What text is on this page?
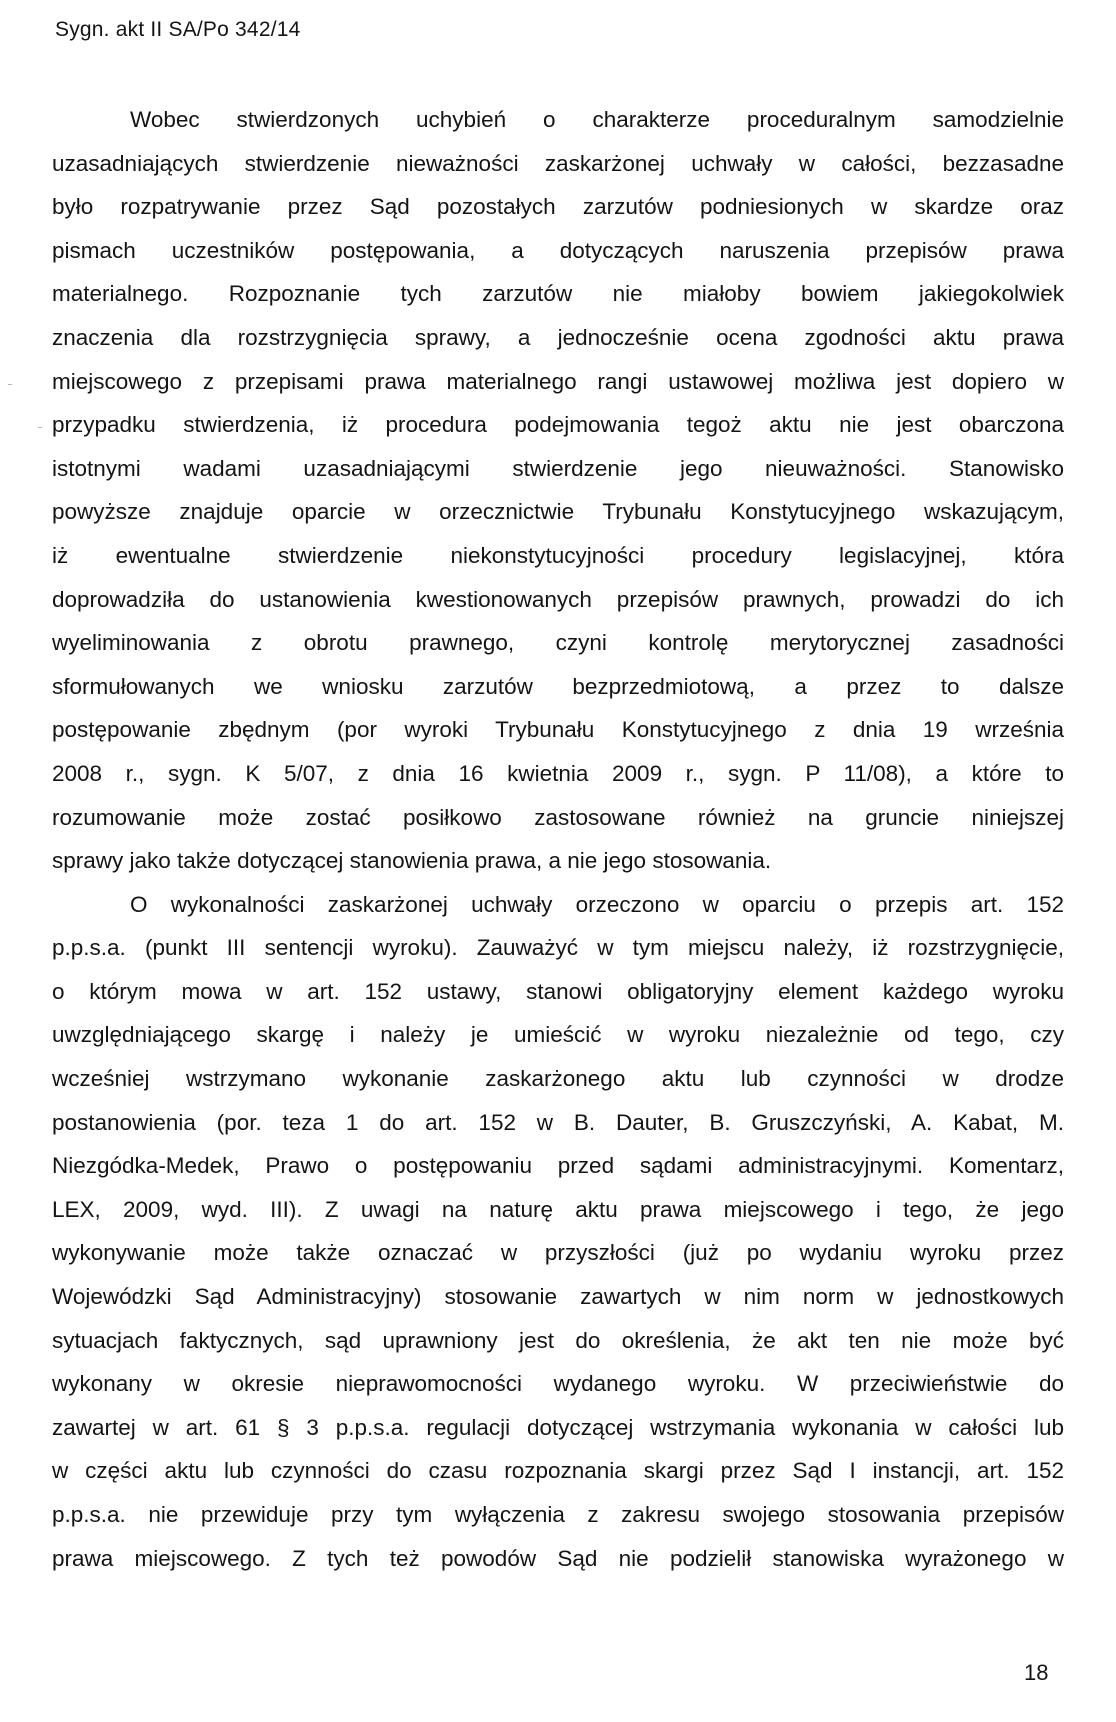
Sygn. akt II SA/Po 342/14

Wobec stwierdzonych uchybień o charakterze proceduralnym samodzielnie
uzasadniających stwierdzenie nieważności zaskarżonej uchwały w całości, bezzasadne
było rozpatrywanie przez Sąd pozostałych zarzutów podniesionych w skardze oraz
pismach uczestników postępowania, a dotyczących naruszenia przepisów prawa
materialnego. Rozpoznanie tych zarzutów nie miałoby bowiem jakiegokolwiek
znaczenia dla rozstrzygnięcia sprawy, a jednocześnie ocena zgodności aktu prawa
miejscowego z przepisami prawa materialnego rangi ustawowej możliwa jest dopiero w
przypadku stwierdzenia, iż procedura podejmowania tegoż aktu nie jest obarczona
istotnymi wadami uzasadniającymi stwierdzenie jego nieuważności. Stanowisko
powyższe znajduje oparcie w orzecznictwie Trybunału Konstytucyjnego wskazującym,
iż ewentualne stwierdzenie niekonstytucyjności procedury legislacyjnej, która
doprowadziła do ustanowienia kwestionowanych przepisów prawnych, prowadzi do ich
wyeliminowania z obrotu prawnego, czyni kontrolę merytorycznej zasadności
sformułowanych we wniosku zarzutów bezprzedmiotową, a przez to dalsze
postępowanie zbędnym (por wyroki Trybunału Konstytucyjnego z dnia 19 września
2008 r., sygn. K 5/07, z dnia 16 kwietnia 2009 r., sygn. P 11/08), a które to
rozumowanie może zostać posiłkowo zastosowane również na gruncie niniejszej
sprawy jako także dotyczącej stanowienia prawa, a nie jego stosowania.
O wykonalności zaskarżonej uchwały orzeczono w oparciu o przepis art. 152
p.p.s.a. (punkt III sentencji wyroku). Zauważyć w tym miejscu należy, iż rozstrzygnięcie,
o którym mowa w art. 152 ustawy, stanowi obligatoryjny element każdego wyroku
uwzględniającego skargę i należy je umieścić w wyroku niezależnie od tego, czy
wcześniej wstrzymano wykonanie zaskarżonego aktu lub czynności w drodze
postanowienia (por. teza 1 do art. 152 w B. Dauter, B. Gruszczyński, A. Kabat, M.
Niezgódka-Medek, Prawo o postępowaniu przed sądami administracyjnymi. Komentarz,
LEX, 2009, wyd. III). Z uwagi na naturę aktu prawa miejscowego i tego, że jego
wykonywanie może także oznaczać w przyszłości (już po wydaniu wyroku przez
Wojewódzki Sąd Administracyjny) stosowanie zawartych w nim norm w jednostkowych
sytuacjach faktycznych, sąd uprawniony jest do określenia, że akt ten nie może być
wykonany w okresie nieprawomocności wydanego wyroku. W przeciwieństwie do
zawartej w art. 61 § 3 p.p.s.a. regulacji dotyczącej wstrzymania wykonania w całości lub
w części aktu lub czynności do czasu rozpoznania skargi przez Sąd I instancji, art. 152
p.p.s.a. nie przewiduje przy tym wyłączenia z zakresu swojego stosowania przepisów
prawa miejscowego. Z tych też powodów Sąd nie podzielił stanowiska wyrażonego w

18
